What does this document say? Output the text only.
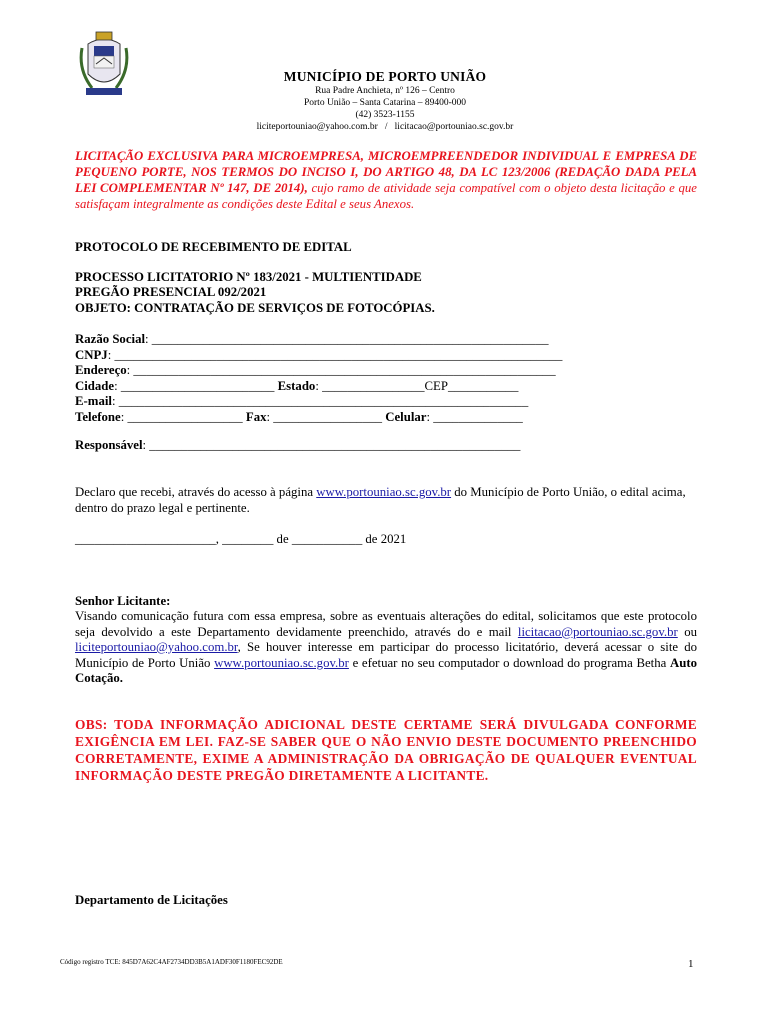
MUNICÍPIO DE PORTO UNIÃO
Rua Padre Anchieta, nº 126 – Centro
Porto União – Santa Catarina – 89400-000
(42) 3523-1155
liciteportouniao@yahoo.com.br   /   licitacao@portouniao.sc.gov.br
LICITAÇÃO EXCLUSIVA PARA MICROEMPRESA, MICROEMPREENDEDOR INDIVIDUAL E EMPRESA DE PEQUENO PORTE, NOS TERMOS DO INCISO I, DO ARTIGO 48, DA LC 123/2006 (REDAÇÃO DADA PELA LEI COMPLEMENTAR Nº 147, DE 2014), cujo ramo de atividade seja compatível com o objeto desta licitação e que satisfaçam integralmente as condições deste Edital e seus Anexos.
PROTOCOLO DE RECEBIMENTO DE EDITAL
PROCESSO LICITATORIO Nº 183/2021 - MULTIENTIDADE
PREGÃO PRESENCIAL 092/2021
OBJETO: CONTRATAÇÃO DE SERVIÇOS DE FOTOCÓPIAS.
Razão Social: ______________________________________________________________
CNPJ: ______________________________________________________________________
Endereço: __________________________________________________________________
Cidade: ________________________ Estado: ________________CEP___________
E-mail: ________________________________________________________________
Telefone: __________________ Fax: _________________ Celular: ______________
Responsável: __________________________________________________________
Declaro que recebi, através do acesso à página www.portouniao.sc.gov.br do Município de Porto União, o edital acima, dentro do prazo legal e pertinente.
______________________, ________ de ___________ de 2021
Senhor Licitante:
Visando comunicação futura com essa empresa, sobre as eventuais alterações do edital, solicitamos que este protocolo seja devolvido a este Departamento devidamente preenchido, através do e mail licitacao@portouniao.sc.gov.br ou liciteportouniao@yahoo.com.br, Se houver interesse em participar do processo licitatório, deverá acessar o site do Município de Porto União www.portouniao.sc.gov.br e efetuar no seu computador o download do programa Betha Auto Cotação.
OBS: TODA INFORMAÇÃO ADICIONAL DESTE CERTAME SERÁ DIVULGADA CONFORME EXIGÊNCIA EM LEI. FAZ-SE SABER QUE O NÃO ENVIO DESTE DOCUMENTO PREENCHIDO CORRETAMENTE, EXIME A ADMINISTRAÇÃO DA OBRIGAÇÃO DE QUALQUER EVENTUAL INFORMAÇÃO DESTE PREGÃO DIRETAMENTE A LICITANTE.
Departamento de Licitações
Código registro TCE: 845D7A62C4AF2734DD3B5A1ADF30F1180FEC92DE	1
